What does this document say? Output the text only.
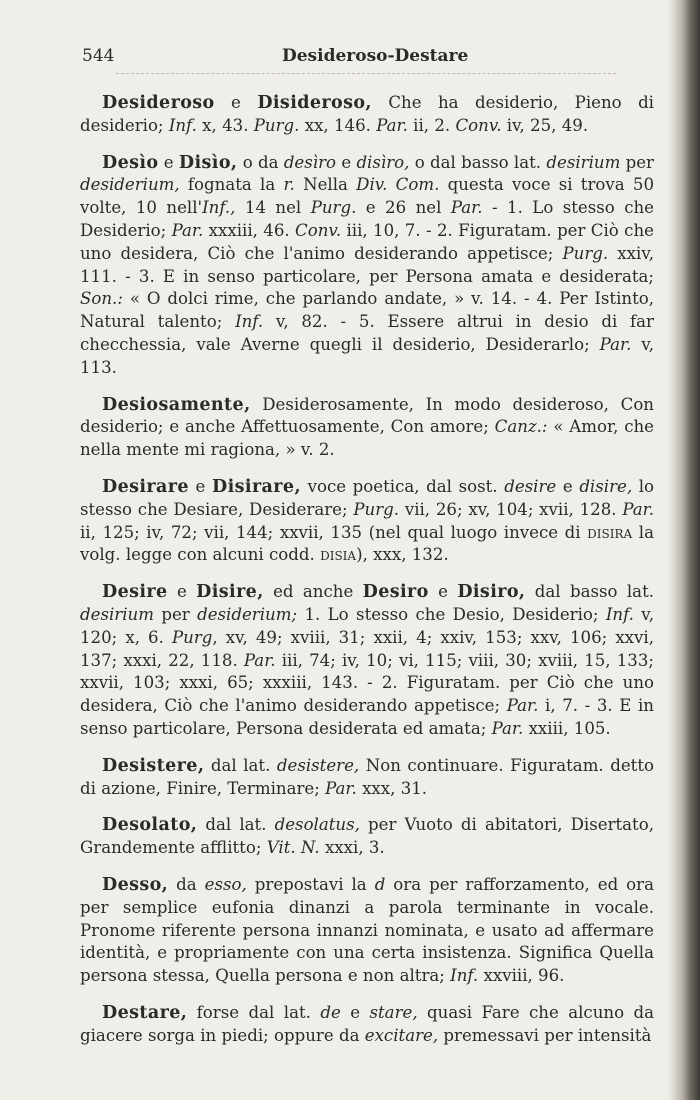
544	Desideroso-Destare

Desideroso e Disideroso, Che ha desiderio, Pieno di desiderio; Inf. x, 43. Purg. xx, 146. Par. ii, 2. Conv. iv, 25, 49.

Desìo e Disìo, o da desìro e disìro, o dal basso lat. desirium per desiderium, fognata la r. Nella Div. Com. questa voce si trova 50 volte, 10 nell'Inf., 14 nel Purg. e 26 nel Par. - 1. Lo stesso che Desiderio; Par. xxxiii, 46. Conv. iii, 10, 7. - 2. Figuratam. per Ciò che uno desidera, Ciò che l'animo desiderando appetisce; Purg. xxiv, 111. - 3. E in senso particolare, per Persona amata e desiderata; Son.: « O dolci rime, che parlando andate, » v. 14. - 4. Per Istinto, Natural talento; Inf. v, 82. - 5. Essere altrui in desio di far checchessia, vale Averne quegli il desiderio, Desiderarlo; Par. v, 113.

Desiosamente, Desiderosamente, In modo desideroso, Con desiderio; e anche Affettuosamente, Con amore; Canz.: « Amor, che nella mente mi ragiona, » v. 2.

Desirare e Disirare, voce poetica, dal sost. desire e disire, lo stesso che Desiare, Desiderare; Purg. vii, 26; xv, 104; xvii, 128. Par. ii, 125; iv, 72; vii, 144; xxvii, 135 (nel qual luogo invece di disira la volg. legge con alcuni codd. disia), xxx, 132.

Desire e Disire, ed anche Desiro e Disiro, dal basso lat. desirium per desiderium; 1. Lo stesso che Desio, Desiderio; Inf. v, 120; x, 6. Purg, xv, 49; xviii, 31; xxii, 4; xxiv, 153; xxv, 106; xxvi, 137; xxxi, 22, 118. Par. iii, 74; iv, 10; vi, 115; viii, 30; xviii, 15, 133; xxvii, 103; xxxi, 65; xxxiii, 143. - 2. Figuratam. per Ciò che uno desidera, Ciò che l'animo desiderando appetisce; Par. i, 7. - 3. E in senso particolare, Persona desiderata ed amata; Par. xxiii, 105.

Desistere, dal lat. desistere, Non continuare. Figuratam. detto di azione, Finire, Terminare; Par. xxx, 31.

Desolato, dal lat. desolatus, per Vuoto di abitatori, Disertato, Grandemente afflitto; Vit. N. xxxi, 3.

Desso, da esso, prepostavi la d ora per rafforzamento, ed ora per semplice eufonia dinanzi a parola terminante in vocale. Pronome riferente persona innanzi nominata, e usato ad affermare identità, e propriamente con una certa insistenza. Significa Quella persona stessa, Quella persona e non altra; Inf. xxviii, 96.

Destare, forse dal lat. de e stare, quasi Fare che alcuno da giacere sorga in piedi; oppure da excitare, premessavi per intensità
